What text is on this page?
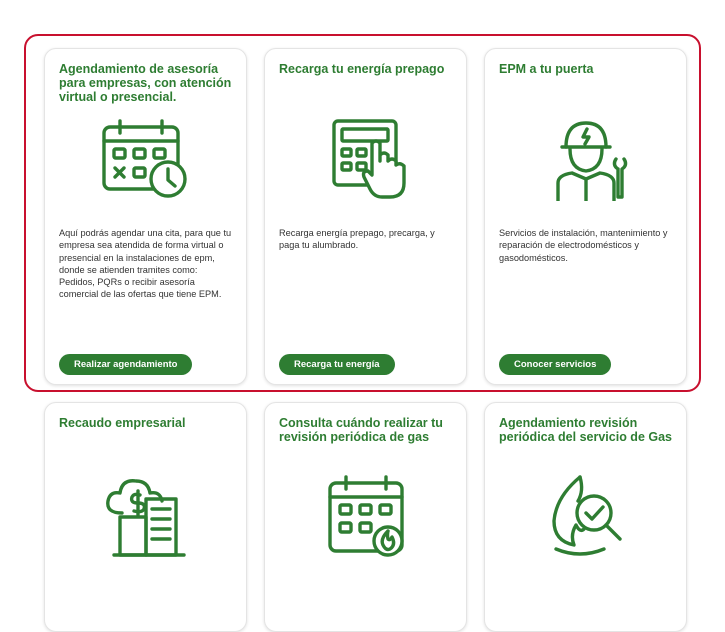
Agendamiento de asesoría para empresas, con atención virtual o presencial.
Aquí podrás agendar una cita, para que tu empresa sea atendida de forma virtual o presencial en la instalaciones de epm, donde se atienden tramites como: Pedidos, PQRs o recibir asesoría comercial de las ofertas que tiene EPM.
Realizar agendamiento
Recarga tu energía prepago
Recarga energía prepago, precarga, y paga tu alumbrado.
Recarga tu energía
EPM a tu puerta
Servicios de instalación, mantenimiento y reparación de electrodomésticos y gasodomésticos.
Conocer servicios
Recaudo empresarial	Consulta cuándo realizar tu revisión periódica de gas
Agendamiento revisión periódica del servicio de Gas
